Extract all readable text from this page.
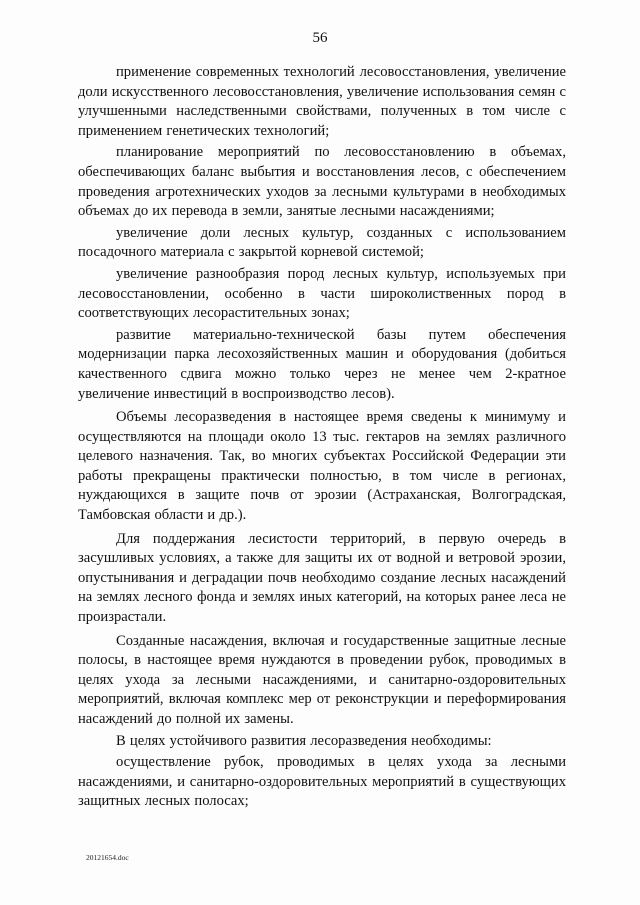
56

применение современных технологий лесовосстановления, увеличение доли искусственного лесовосстановления, увеличение использования семян с улучшенными наследственными свойствами, полученных в том числе с применением генетических технологий;

планирование мероприятий по лесовосстановлению в объемах, обеспечивающих баланс выбытия и восстановления лесов, с обеспечением проведения агротехнических уходов за лесными культурами в необходимых объемах до их перевода в земли, занятые лесными насаждениями;

увеличение доли лесных культур, созданных с использованием посадочного материала с закрытой корневой системой;

увеличение разнообразия пород лесных культур, используемых при лесовосстановлении, особенно в части широколиственных пород в соответствующих лесорастительных зонах;

развитие материально-технической базы путем обеспечения модернизации парка лесохозяйственных машин и оборудования (добиться качественного сдвига можно только через не менее чем 2-кратное увеличение инвестиций в воспроизводство лесов).

Объемы лесоразведения в настоящее время сведены к минимуму и осуществляются на площади около 13 тыс. гектаров на землях различного целевого назначения. Так, во многих субъектах Российской Федерации эти работы прекращены практически полностью, в том числе в регионах, нуждающихся в защите почв от эрозии (Астраханская, Волгоградская, Тамбовская области и др.).

Для поддержания лесистости территорий, в первую очередь в засушливых условиях, а также для защиты их от водной и ветровой эрозии, опустынивания и деградации почв необходимо создание лесных насаждений на землях лесного фонда и землях иных категорий, на которых ранее леса не произрастали.

Созданные насаждения, включая и государственные защитные лесные полосы, в настоящее время нуждаются в проведении рубок, проводимых в целях ухода за лесными насаждениями, и санитарно-оздоровительных мероприятий, включая комплекс мер от реконструкции и переформирования насаждений до полной их замены.

В целях устойчивого развития лесоразведения необходимы:

осуществление рубок, проводимых в целях ухода за лесными насаждениями, и санитарно-оздоровительных мероприятий в существующих защитных лесных полосах;

20121654.doc
